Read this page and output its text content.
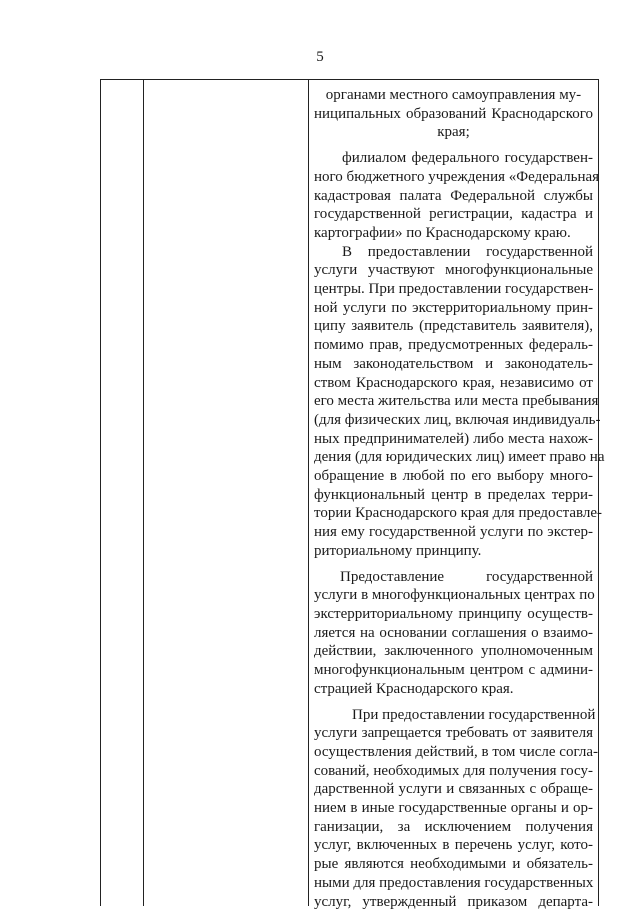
5
органами местного самоуправления му-
ниципальных образований Краснодарского
края;
филиалом федерального государствен-
ного бюджетного учреждения «Федеральная
кадастровая палата Федеральной службы
государственной регистрации, кадастра и
картографии» по Краснодарскому краю.
В предоставлении государственной
услуги участвуют многофункциональные
центры. При предоставлении государствен-
ной услуги по экстерриториальному прин-
ципу заявитель (представитель заявителя),
помимо прав, предусмотренных федераль-
ным законодательством и законодатель-
ством Краснодарского края, независимо от
его места жительства или места пребывания
(для физических лиц, включая индивидуаль-
ных предпринимателей) либо места нахож-
дения (для юридических лиц) имеет право на
обращение в любой по его выбору много-
функциональный центр в пределах терри-
тории Краснодарского края для предоставле-
ния ему государственной услуги по экстер-
риториальному принципу.
Предоставление государственной
услуги в многофункциональных центрах по
экстерриториальному принципу осуществ-
ляется на основании соглашения о взаимо-
действии, заключенного уполномоченным
многофункциональным центром с админи-
страцией Краснодарского края.
При предоставлении государственной
услуги запрещается требовать от заявителя
осуществления действий, в том числе согла-
сований, необходимых для получения госу-
дарственной услуги и связанных с обраще-
нием в иные государственные органы и ор-
ганизации, за исключением получения
услуг, включенных в перечень услуг, кото-
рые являются необходимыми и обязатель-
ными для предоставления государственных
услуг, утвержденный приказом департа-
